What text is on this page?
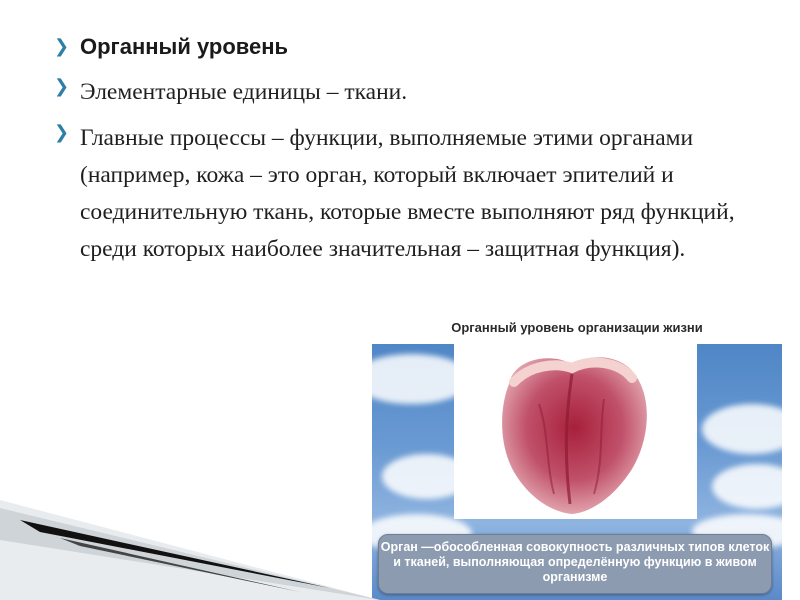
❯ Органный уровень
❯ Элементарные единицы – ткани.
❯ Главные процессы – функции, выполняемые этими органами (например, кожа – это орган, который включает эпителий и соединительную ткань, которые вместе выполняют ряд функций, среди которых наиболее значительная – защитная функция).
Органный уровень организации жизни
Орган —обособленная совокупность различных типов клеток и тканей, выполняющая определённую функцию в живом организме
